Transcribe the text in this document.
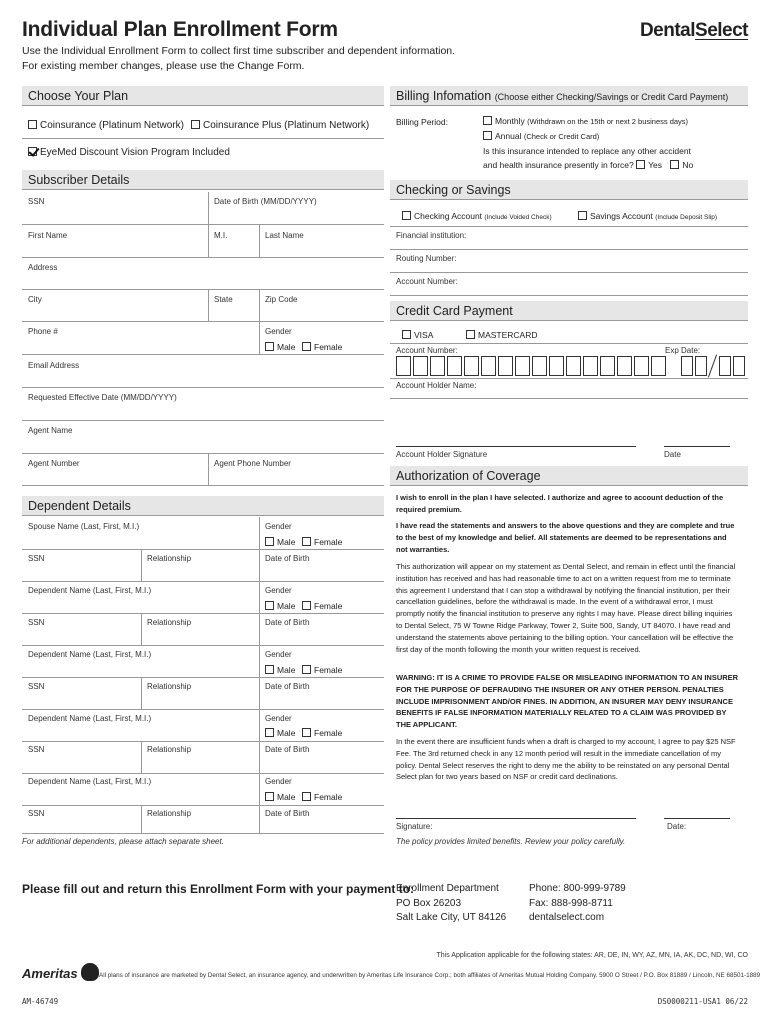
Individual Plan Enrollment Form	DentalSelect
Use the Individual Enrollment Form to collect first time subscriber and dependent information.
For existing member changes, please use the Change Form.
Choose Your Plan
Coinsurance (Platinum Network)	Coinsurance Plus (Platinum Network)
EyeMed Discount Vision Program Included
Subscriber Details
SSN	Date of Birth (MM/DD/YYYY)
First Name	M.I.	Last Name
Address
City	State	Zip Code
Phone #	Gender
Male	Female
Email Address
Requested Effective Date (MM/DD/YYYY)
Agent Name
Agent Number	Agent Phone Number
Dependent Details
Spouse Name (Last, First, M.I.)	Gender
Male	Female
SSN	Relationship	Date of Birth
Dependent Name (Last, First, M.I.)	Gender
Male	Female
SSN	Relationship	Date of Birth
Dependent Name (Last, First, M.I.)	Gender
Male	Female
SSN	Relationship	Date of Birth
Dependent Name (Last, First, M.I.)	Gender
Male	Female
SSN	Relationship	Date of Birth
Dependent Name (Last, First, M.I.)	Gender
Male	Female
SSN	Relationship	Date of Birth
For additional dependents, please attach separate sheet.
Billing Infomation (Choose either Checking/Savings or Credit Card Payment)
Billing Period:	Monthly (Withdrawn on the 15th or next 2 business days)
Annual (Check or Credit Card)
Is this insurance intended to replace any other accident
and health insurance presently in force? Yes No
Checking or Savings
Checking Account (Include Voided Check)	Savings Account (Include Deposit Slip)
Financial institution:
Routing Number:
Account Number:
Credit Card Payment
VISA	MASTERCARD
Account Number:	Exp Date:
Account Holder Name:
Account Holder Signature	Date
Authorization of Coverage
I wish to enroll in the plan I have selected. I authorize and agree to account deduction of the required premium.
I have read the statements and answers to the above questions and they are complete and true to the best of my knowledge and belief. All statements are deemed to be representations and not warranties.
This authorization will appear on my statement as Dental Select, and remain in effect until the financial institution has received and has had reasonable time to act on a written request from me to terminate this agreement I understand that I can stop a withdrawal by notifying the financial institution, per their cancellation guidelines, before the withdrawal is made. In the event of a withdrawal error, I must promptly notify the financial institution to preserve any rights I may have. Please direct billing inquiries to Dental Select, 75 W Towne Ridge Parkway, Tower 2, Suite 500, Sandy, UT 84070. I have read and understand the statements above pertaining to the billing option. Your cancellation will be effective the first day of the month following the month your written request is received.
WARNING: IT IS A CRIME TO PROVIDE FALSE OR MISLEADING INFORMATION TO AN INSURER FOR THE PURPOSE OF DEFRAUDING THE INSURER OR ANY OTHER PERSON. PENALTIES INCLUDE IMPRISONMENT AND/OR FINES. IN ADDITION, AN INSURER MAY DENY INSURANCE BENEFITS IF FALSE INFORMATION MATERIALLY RELATED TO A CLAIM WAS PROVIDED BY THE APPLICANT.
In the event there are insufficient funds when a draft is charged to my account, I agree to pay $25 NSF Fee. The 3rd returned check in any 12 month period will result in the immediate cancellation of my policy. Dental Select reserves the right to deny me the ability to be reinstated on any personal Dental Select plan for two years based on NSF or credit card declinations.
Signature:	Date:
The policy provides limited benefits. Review your policy carefully.
Please fill out and return this Enrollment Form with your payment to:
Enrollment Department
PO Box 26203
Salt Lake City, UT 84126
Phone: 800-999-9789
Fax: 888-998-8711
dentalselect.com
This Application applicable for the following states: AR, DE, IN, WY, AZ, MN, IA, AK, DC, ND, WI, CO
Ameritas	All plans of insurance are marketed by Dental Select, an insurance agency, and underwritten by Ameritas Life Insurance Corp.; both affiliates of Ameritas Mutual Holding Company. 5900 O Street / P.O. Box 81889 / Lincoln, NE 68501-1889
AM-46749	DS0000211-USA1 06/22
